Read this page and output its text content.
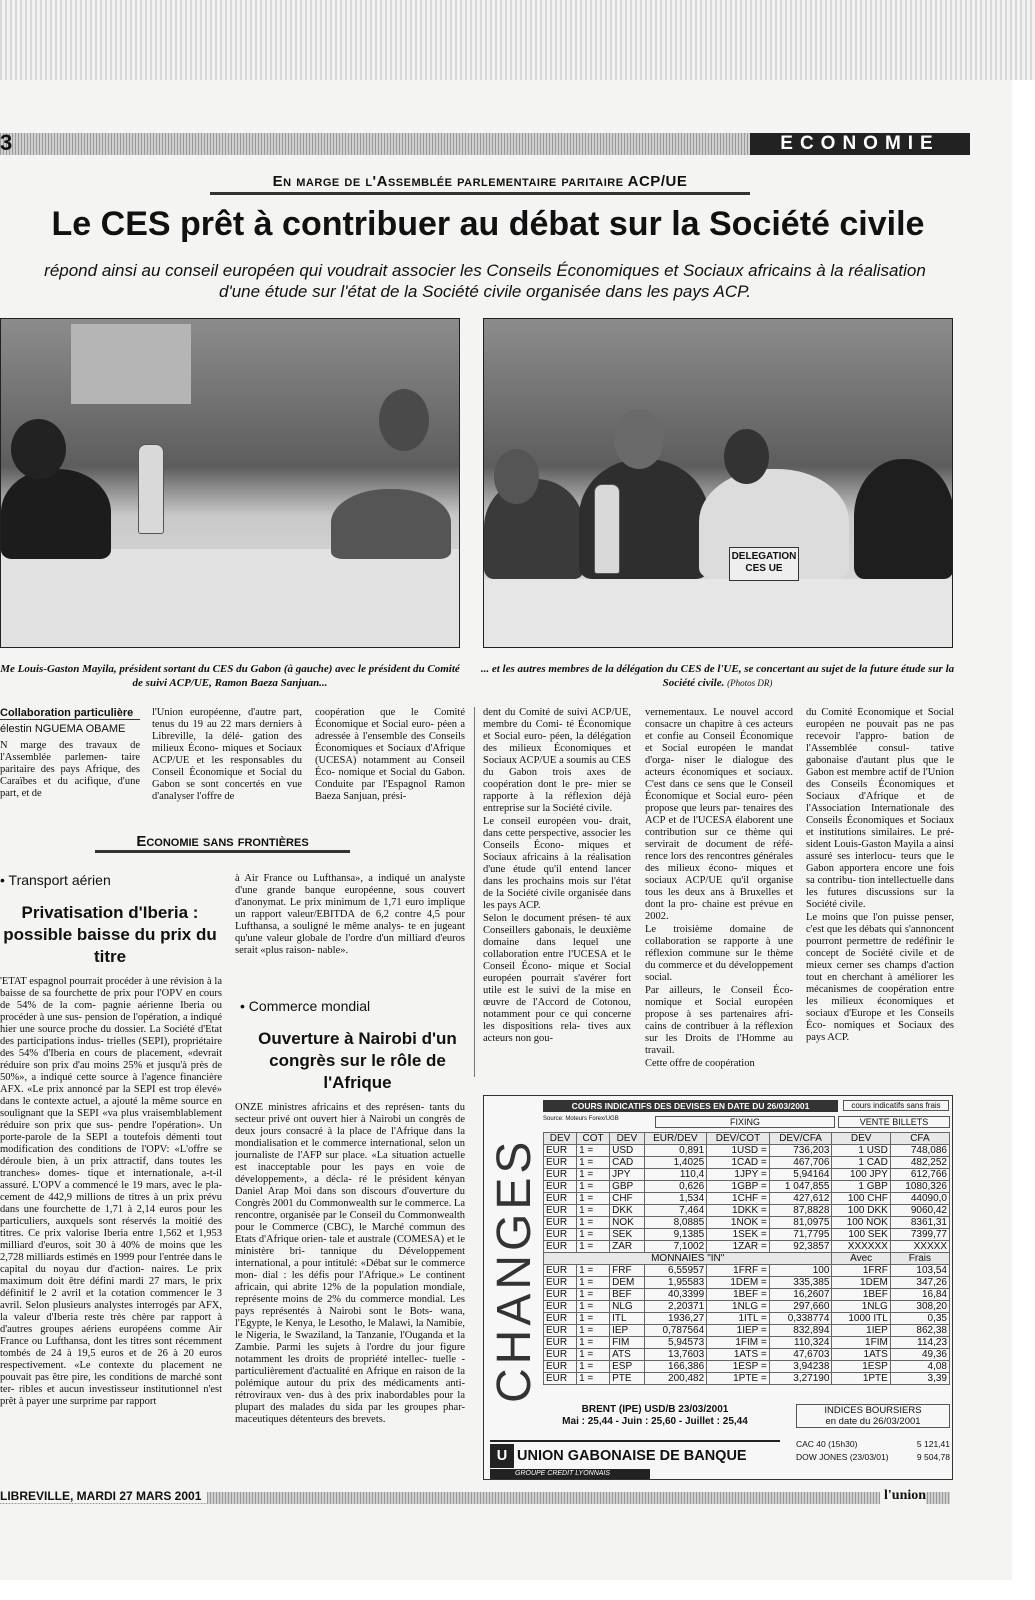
3	ECONOMIE
En marge de l'Assemblée parlementaire paritaire ACP/UE
Le CES prêt à contribuer au débat sur la Société civile
répond ainsi au conseil européen qui voudrait associer les Conseils Économiques et Sociaux africains à la réalisation
d'une étude sur l'état de la Société civile organisée dans les pays ACP.
DELEGATION CES UE
Me Louis-Gaston Mayila, président sortant du CES du Gabon (à gauche) avec le président du Comité de suivi ACP/UE, Ramon Baeza Sanjuan...
... et les autres membres de la délégation du CES de l'UE, se concertant au sujet de la future étude sur la Société civile. (Photos DR)
Collaboration particulière
élestin NGUEMA OBAME

N marge des travaux de l'Assemblée parlemen- taire paritaire des pays Afrique, des Caraïbes et du acifique, d'une part, et de

l'Union européenne, d'autre part, tenus du 19 au 22 mars derniers à Libreville, la délé- gation des milieux Écono- miques et Sociaux ACP/UE et les responsables du Conseil Économique et Social du Gabon se sont concertés en vue d'analyser l'offre de

coopération que le Comité Économique et Social euro- péen a adressée à l'ensemble des Conseils Économiques et Sociaux d'Afrique (UCESA) notamment au Conseil Éco- nomique et Social du Gabon. Conduite par l'Espagnol Ramon Baeza Sanjuan, prési-

dent du Comité de suivi ACP/UE, membre du Comi- té Économique et Social euro- péen, la délégation des milieux Économiques et Sociaux ACP/UE a soumis au CES du Gabon trois axes de coopération dont le pre- mier se rapporte à la réflexion déjà entreprise sur la Société civile.

Le conseil européen vou- drait, dans cette perspective, associer les Conseils Écono- miques et Sociaux africains à la réalisation d'une étude qu'il entend lancer dans les prochains mois sur l'état de la Société civile organisée dans les pays ACP.

Selon le document présen- té aux Conseillers gabonais, le deuxième domaine dans lequel une collaboration entre l'UCESA et le Conseil Écono- mique et Social européen pourrait s'avérer fort utile est le suivi de la mise en œuvre de l'Accord de Cotonou, notamment pour ce qui concerne les dispositions rela- tives aux acteurs non gou-

vernementaux. Le nouvel accord consacre un chapitre à ces acteurs et confie au Conseil Économique et Social européen le mandat d'orga- niser le dialogue des acteurs économiques et sociaux. C'est dans ce sens que le Conseil Économique et Social euro- péen propose que leurs par- tenaires des ACP et de l'UCESA élaborent une contribution sur ce thème qui servirait de document de réfé- rence lors des rencontres générales des milieux écono- miques et sociaux ACP/UE qu'il organise tous les deux ans à Bruxelles et dont la pro- chaine est prévue en 2002.

Le troisième domaine de collaboration se rapporte à une réflexion commune sur le thème du commerce et du développement social.

Par ailleurs, le Conseil Éco- nomique et Social européen propose à ses partenaires afri- cains de contribuer à la réflexion sur les Droits de l'Homme au travail.

Cette offre de coopération

du Comité Économique et Social européen ne pouvait pas ne pas recevoir l'appro- bation de l'Assemblée consul- tative gabonaise d'autant plus que le Gabon est membre actif de l'Union des Conseils Économiques et Sociaux d'Afrique et de l'Association Internationale des Conseils Économiques et Sociaux et institutions similaires. Le pré- sident Louis-Gaston Mayila a ainsi assuré ses interlocu- teurs que le Gabon apportera encore une fois sa contribu- tion intellectuelle dans les futures discussions sur la Société civile.

Le moins que l'on puisse penser, c'est que les débats qui s'annoncent pourront permettre de redéfinir le concept de Société civile et de mieux cerner ses champs d'action tout en cherchant à améliorer les mécanismes de coopération entre les milieux économiques et sociaux d'Europe et les Conseils Éco- nomiques et Sociaux des pays ACP.

Economie sans frontières
• Transport aérien
Privatisation d'Iberia : possible baisse du prix du titre

'ETAT espagnol pourrait procéder à une révision à la baisse de sa fourchette de prix pour l'OPV en cours de 54% de la com- pagnie aérienne Iberia ou procéder à une sus- pension de l'opération, a indiqué hier une source proche du dossier. La Société d'Etat des participations indus- trielles (SEPI), propriétaire des 54% d'Iberia en cours de placement, «devrait réduire son prix d'au moins 25% et jusqu'à près de 50%», a indiqué cette source à l'agence financière AFX. «Le prix annoncé par la SEPI est trop élevé» dans le contexte actuel, a ajouté la même source en soulignant que la SEPI «va plus vraisemblablement réduire son prix que sus- pendre l'opération». Un porte-parole de la SEPI a toutefois démenti tout modification des conditions de l'OPV: «L'offre se déroule bien, à un prix attractif, dans toutes les tranches» domes- tique et internationale, a-t-il assuré. L'OPV a commencé le 19 mars, avec le pla- cement de 442,9 millions de titres à un prix prévu dans une fourchette de 1,71 à 2,14 euros pour les particuliers, auxquels sont réservés la moitié des titres. Ce prix valorise Iberia entre 1,562 et 1,953 milliard d'euros, soit 30 à 40% de moins que les 2,728 milliards estimés en 1999 pour l'entrée dans le capital du noyau dur d'action- naires. Le prix maximum doit être défini mardi 27 mars, le prix définitif le 2 avril et la cotation commencer le 3 avril. Selon plusieurs analystes interrogés par AFX, la valeur d'Iberia reste très chère par rapport à d'autres groupes aériens européens comme Air France ou Lufthansa, dont les titres sont récemment tombés de 24 à 19,5 euros et de 26 à 20 euros respectivement. «Le contexte du placement ne pouvait pas être pire, les conditions de marché sont ter- ribles et aucun investisseur institutionnel n'est prêt à payer une surprime par rapport

à Air France ou Lufthansa», a indiqué un analyste d'une grande banque européenne, sous couvert d'anonymat. Le prix minimum de 1,71 euro implique un rapport valeur/EBITDA de 6,2 contre 4,5 pour Lufthansa, a souligné le même analys- te en jugeant qu'une valeur globale de l'ordre d'un milliard d'euros serait «plus raison- nable».

• Commerce mondial
Ouverture à Nairobi d'un congrès sur le rôle de l'Afrique

ONZE ministres africains et des représen- tants du secteur privé ont ouvert hier à Nairobi un congrès de deux jours consacré à la place de l'Afrique dans la mondialisation et le commerce international, selon un journaliste de l'AFP sur place. «La situation actuelle est inacceptable pour les pays en voie de développement», a décla- ré le président kényan Daniel Arap Moi dans son discours d'ouverture du Congrès 2001 du Commonwealth sur le commerce. La rencontre, organisée par le Conseil du Commonwealth pour le Commerce (CBC), le Marché commun des Etats d'Afrique orien- tale et australe (COMESA) et le ministère bri- tannique du Développement international, a pour intitulé: «Débat sur le commerce mon- dial : les défis pour l'Afrique.» Le continent africain, qui abrite 12% de la population mondiale, représente moins de 2% du commerce mondial. Les pays représentés à Nairobi sont le Bots- wana, l'Egypte, le Kenya, le Lesotho, le Malawi, la Namibie, le Nigeria, le Swaziland, la Tanzanie, l'Ouganda et la Zambie. Parmi les sujets à l'ordre du jour figure notamment les droits de propriété intellec- tuelle - particulièrement d'actualité en Afrique en raison de la polémique autour du prix des médicaments anti-rétroviraux ven- dus à des prix inabordables pour la plupart des malades du sida par les groupes phar- maceutiques détenteurs des brevets.

CHANGES
COURS INDICATIFS DES DEVISES EN DATE DU 26/03/2001	cours indicatifs sans frais
Source: Moteurs Forex/UGB	FIXING	VENTE BILLETS
DEV	COT	DEV	EUR/DEV	DEV/COT	DEV/CFA	DEV	CFA
EUR	1 =	USD	0,891	1USD =	736,203	1 USD	748,086
EUR	1 =	CAD	1,4025	1CAD =	467,706	1 CAD	482,252
EUR	1 =	JPY	110,4	1JPY =	5,94164	100 JPY	612,766
EUR	1 =	GBP	0,626	1GBP =	1 047,855	1 GBP	1080,326
EUR	1 =	CHF	1,534	1CHF =	427,612	100 CHF	44090,0
EUR	1 =	DKK	7,464	1DKK =	87,8828	100 DKK	9060,42
EUR	1 =	NOK	8,0885	1NOK =	81,0975	100 NOK	8361,31
EUR	1 =	SEK	9,1385	1SEK =	71,7795	100 SEK	7399,77
EUR	1 =	ZAR	7,1002	1ZAR =	92,3857	XXXXXX	XXXXX
MONNAIES "IN"						Avec	Frais
EUR	1 =	FRF	6,55957	1FRF =	100	1FRF	103,54
EUR	1 =	DEM	1,95583	1DEM =	335,385	1DEM	347,26
EUR	1 =	BEF	40,3399	1BEF =	16,2607	1BEF	16,84
EUR	1 =	NLG	2,20371	1NLG =	297,660	1NLG	308,20
EUR	1 =	ITL	1936,27	1ITL =	0,338774	1000 ITL	0,35
EUR	1 =	IEP	0,787564	1IEP =	832,894	1IEP	862,38
EUR	1 =	FIM	5,94573	1FIM =	110,324	1FIM	114,23
EUR	1 =	ATS	13,7603	1ATS =	47,6703	1ATS	49,36
EUR	1 =	ESP	166,386	1ESP =	3,94238	1ESP	4,08
EUR	1 =	PTE	200,482	1PTE =	3,27190	1PTE	3,39
BRENT (IPE) USD/B 23/03/2001
Mai : 25,44 - Juin : 25,60 - Juillet : 25,44
INDICES BOURSIERS
en date du 26/03/2001
CAC 40 (15h30)	5 121,41
DOW JONES (23/03/01)	9 504,78
U UNION GABONAISE DE BANQUE
GROUPE CREDIT LYONNAIS
LIBREVILLE, MARDI 27 MARS 2001	l'union
